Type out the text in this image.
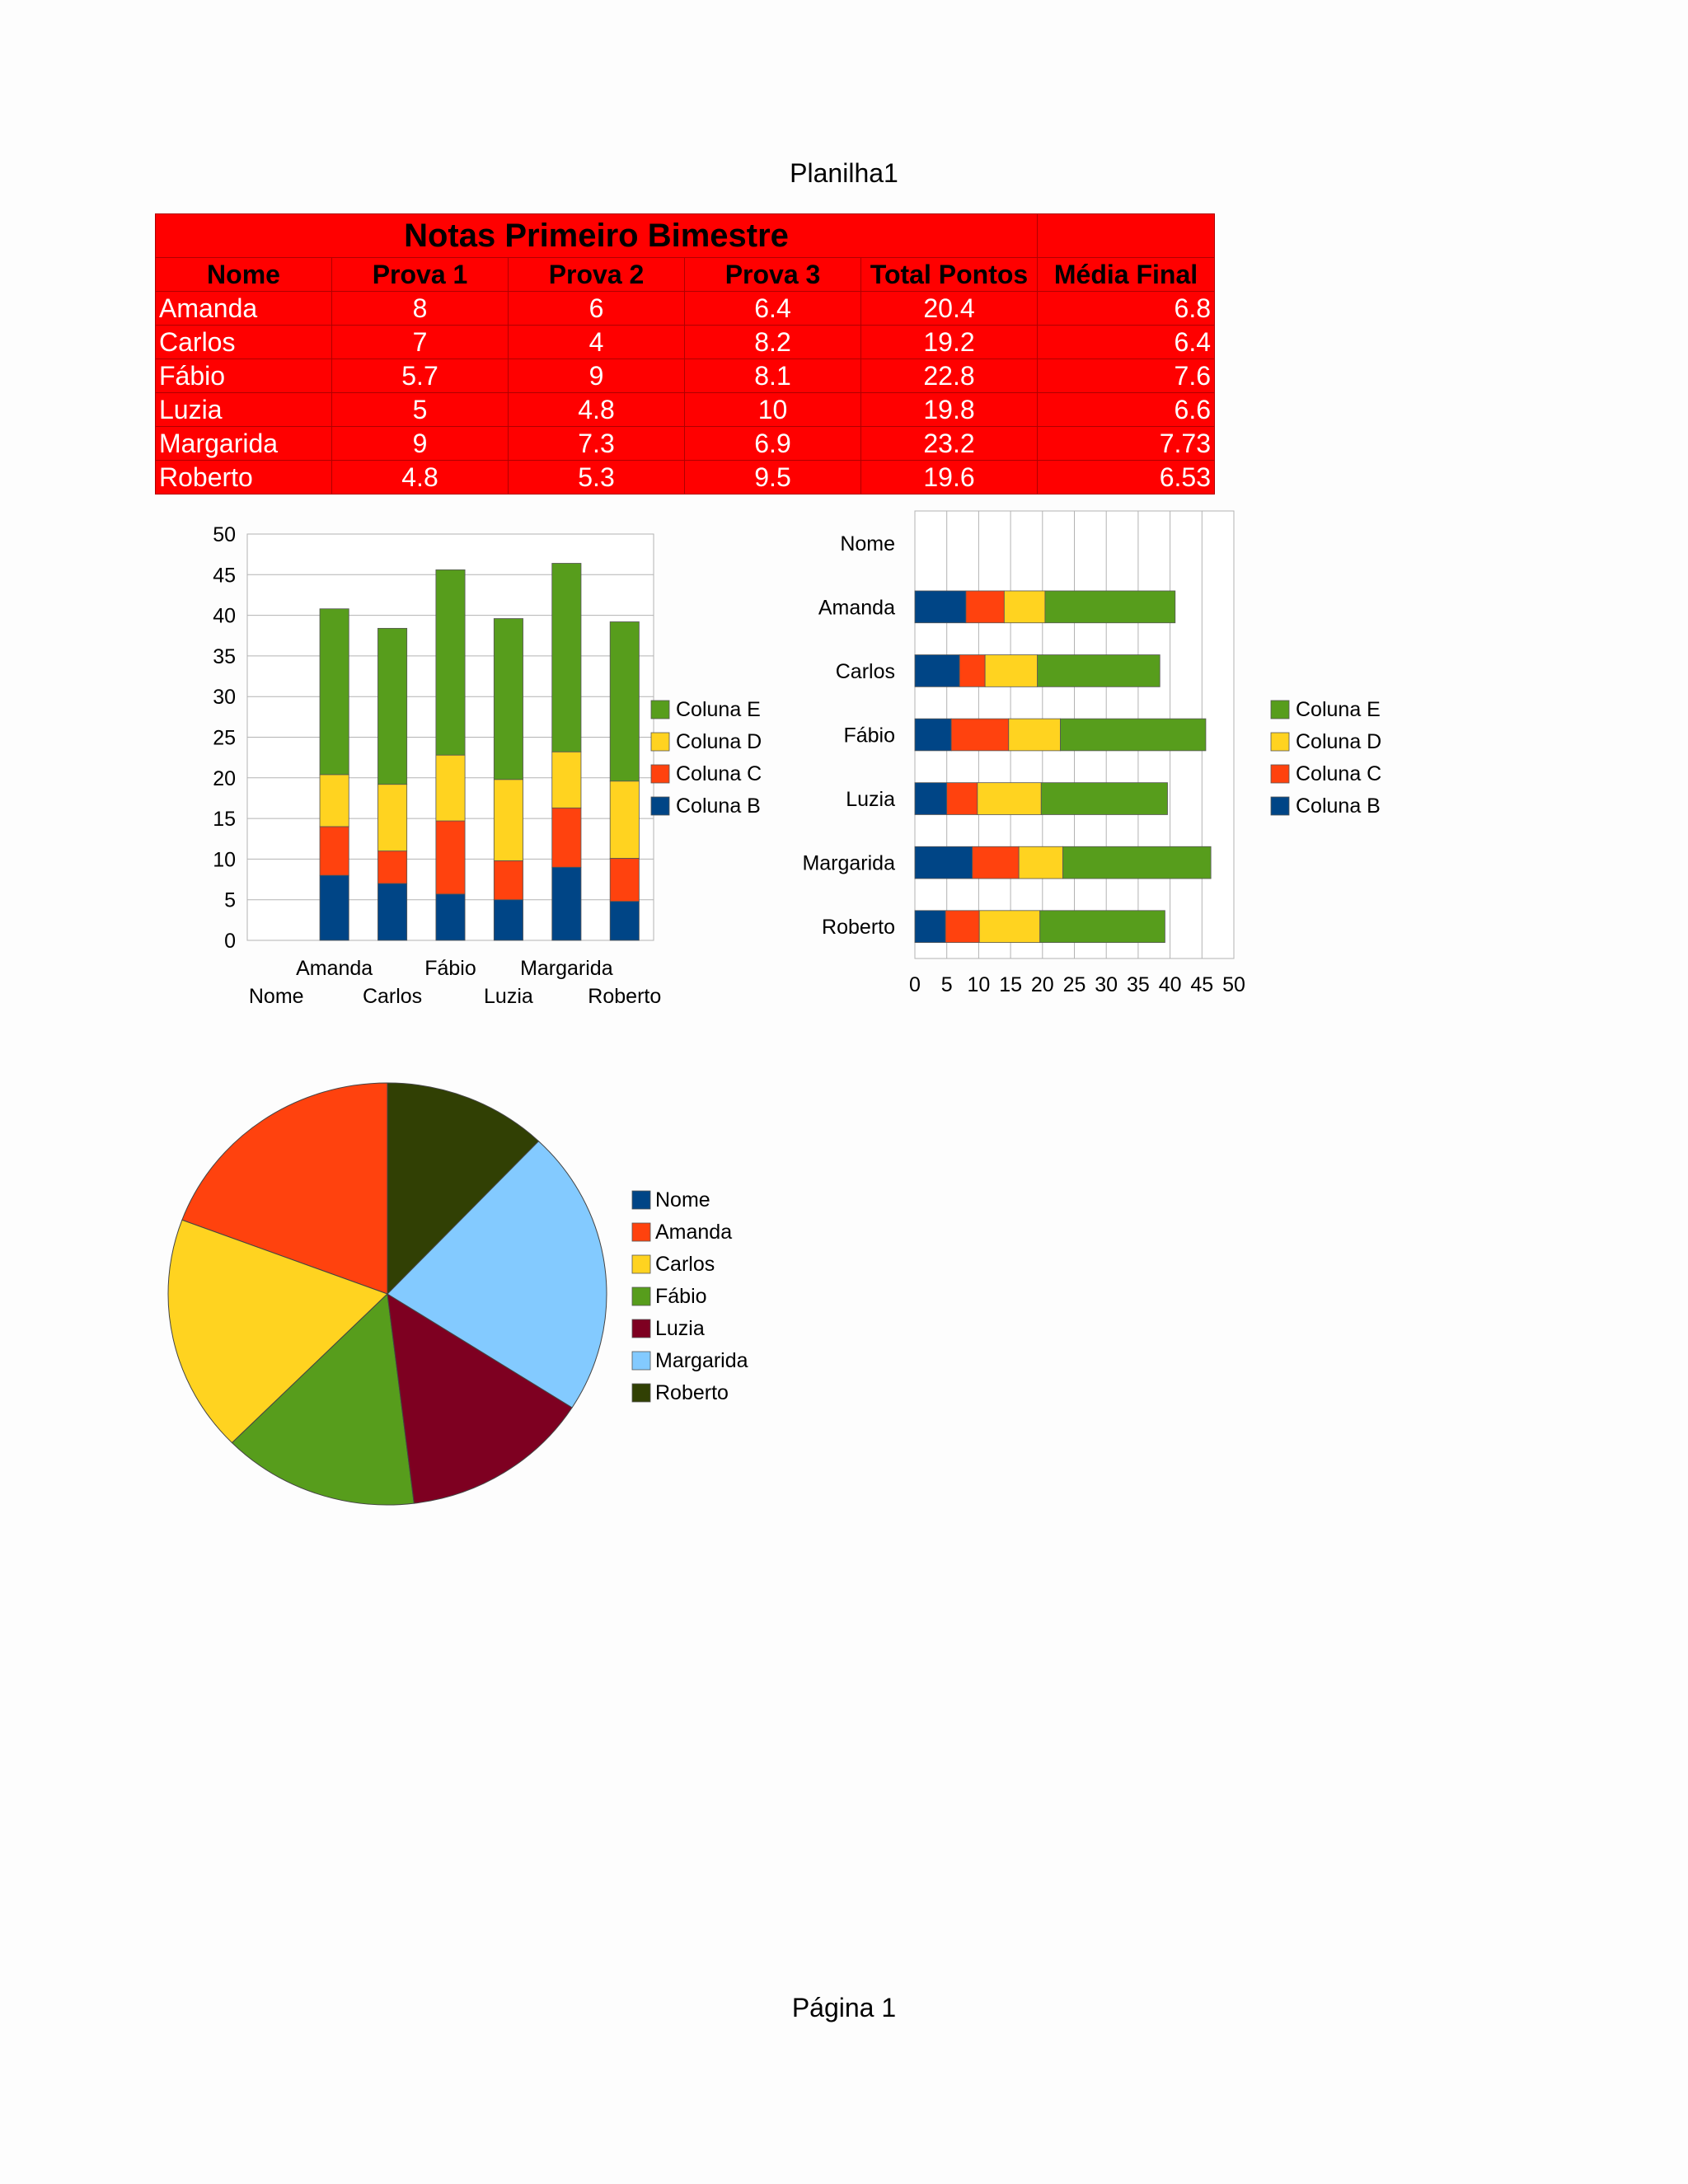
Planilha1
Notas Primeiro Bimestre					
Nome	Prova 1	Prova 2	Prova 3	Total Pontos	Média Final
Amanda	8	6	6.4	20.4	6.8
Carlos	7	4	8.2	19.2	6.4
Fábio	5.7	9	8.1	22.8	7.6
Luzia	5	4.8	10	19.8	6.6
Margarida	9	7.3	6.9	23.2	7.73
Roberto	4.8	5.3	9.5	19.6	6.53
0
5
10
15
20
25
30
35
40
45
50
Nome
Amanda
Carlos
Fábio
Luzia
Margarida
Roberto
Coluna E
Coluna D
Coluna C
Coluna B
0 5 10 15 20 25 30 35 40 45 50
Nome
Amanda
Carlos
Fábio
Luzia
Margarida
Roberto
Coluna E
Coluna D
Coluna C
Coluna B
Nome
Amanda
Carlos
Fábio
Luzia
Margarida
Roberto
Página 1
